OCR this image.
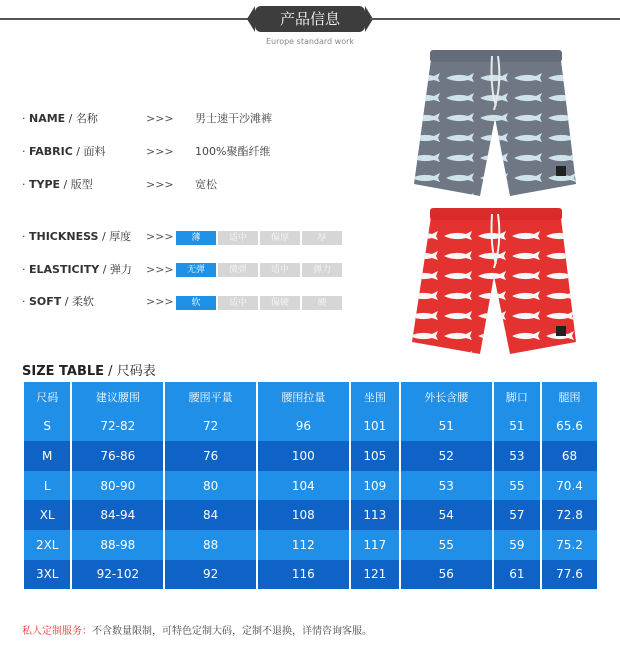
产品信息
Europe standard work
· NAME / 名称	>>> 男士速干沙滩裤
· FABRIC / 面料	>>> 100%聚酯纤维
· TYPE / 版型	>>> 宽松
· THICKNESS / 厚度	>>>	薄	适中	偏厚	厚
· ELASTICITY / 弹力	>>>	无弹	微弹	适中	弹力
· SOFT / 柔软	>>>	软	适中	偏硬	硬
SIZE TABLE / 尺码表
尺码	建议腰围	腰围平量	腰围拉量	坐围	外长含腰	脚口	腿围
S	72-82	72	96	101	51	51	65.6
M	76-86	76	100	105	52	53	68
L	80-90	80	104	109	53	55	70.4
XL	84-94	84	108	113	54	57	72.8
2XL	88-98	88	112	117	55	59	75.2
3XL	92-102	92	116	121	56	61	77.6
私人定制服务：不含数量限制，可特色定制大码，定制不退换，详情咨询客服。
